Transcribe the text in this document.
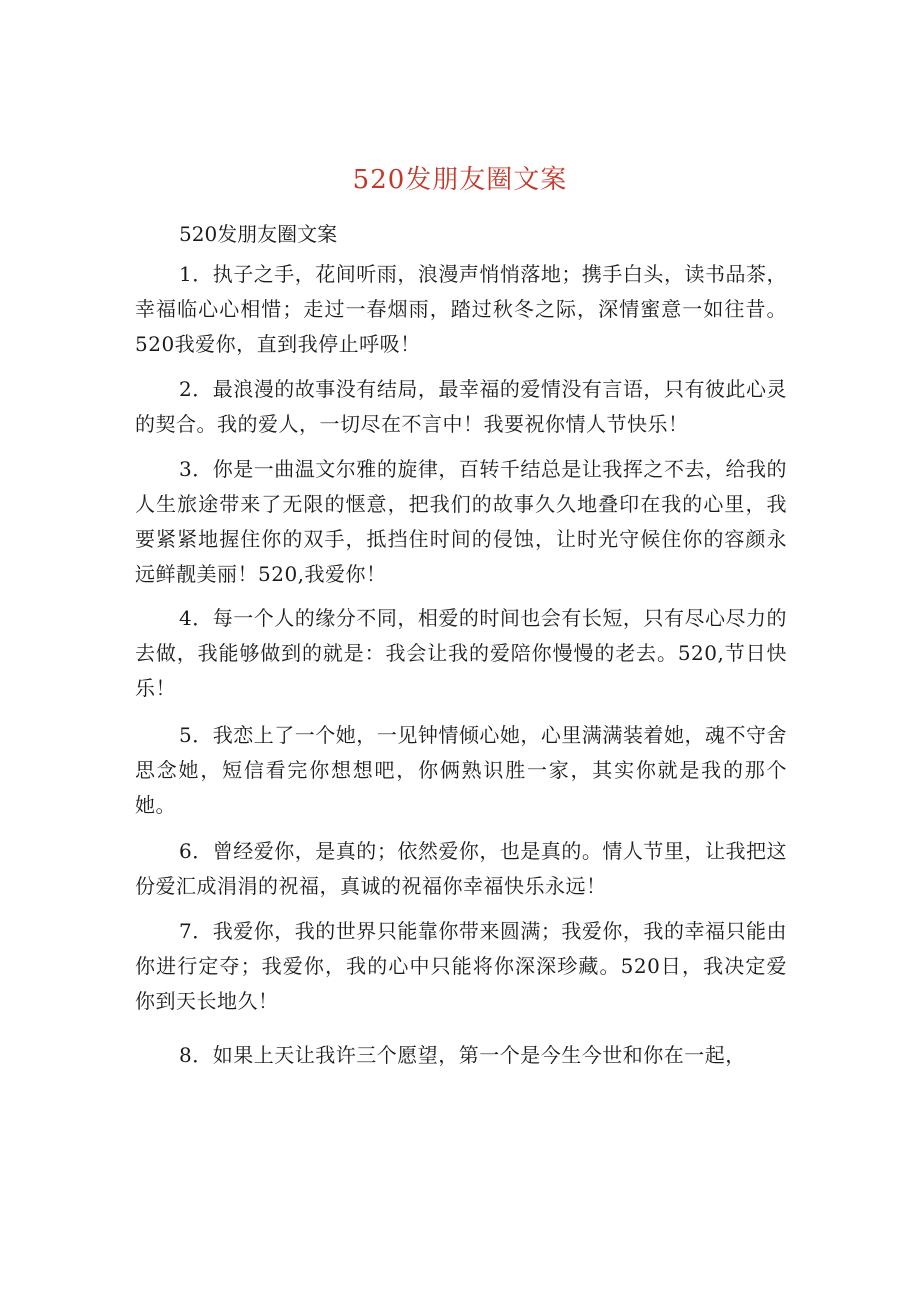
520发朋友圈文案

520发朋友圈文案

1．执子之手，花间听雨，浪漫声悄悄落地；携手白头，读书品茶，幸福临心心相惜；走过一春烟雨，踏过秋冬之际，深情蜜意一如往昔。520我爱你，直到我停止呼吸！

2．最浪漫的故事没有结局，最幸福的爱情没有言语，只有彼此心灵的契合。我的爱人，一切尽在不言中！我要祝你情人节快乐！

3．你是一曲温文尔雅的旋律，百转千结总是让我挥之不去，给我的人生旅途带来了无限的惬意，把我们的故事久久地叠印在我的心里，我要紧紧地握住你的双手，抵挡住时间的侵蚀，让时光守候住你的容颜永远鲜靓美丽！520,我爱你！

4．每一个人的缘分不同，相爱的时间也会有长短，只有尽心尽力的去做，我能够做到的就是：我会让我的爱陪你慢慢的老去。520,节日快乐！

5．我恋上了一个她，一见钟情倾心她，心里满满装着她，魂不守舍思念她，短信看完你想想吧，你俩熟识胜一家，其实你就是我的那个她。

6．曾经爱你，是真的；依然爱你，也是真的。情人节里，让我把这份爱汇成涓涓的祝福，真诚的祝福你幸福快乐永远！

7．我爱你，我的世界只能靠你带来圆满；我爱你，我的幸福只能由你进行定夺；我爱你，我的心中只能将你深深珍藏。520日，我决定爱你到天长地久！

8．如果上天让我许三个愿望，第一个是今生今世和你在一起，
